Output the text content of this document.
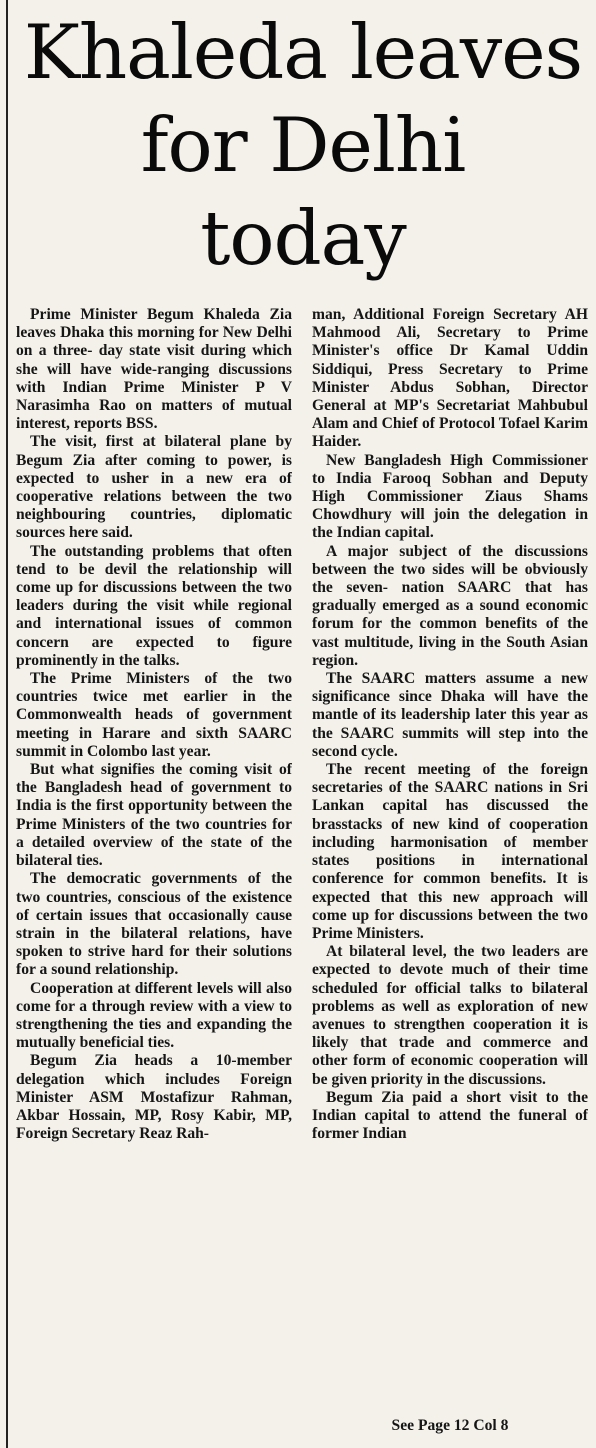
Khaleda leaves
for Delhi
today

Prime Minister Begum Khaleda Zia leaves Dhaka this morning for New Delhi on a three- day state visit during which she will have wide-ranging discussions with Indian Prime Minister P V Narasimha Rao on matters of mutual interest, reports BSS.

The visit, first at bilateral plane by Begum Zia after coming to power, is expected to usher in a new era of cooperative relations between the two neighbouring countries, diplomatic sources here said.

The outstanding problems that often tend to be devil the relationship will come up for discussions between the two leaders during the visit while regional and international issues of common concern are expected to figure prominently in the talks.

The Prime Ministers of the two countries twice met earlier in the Commonwealth heads of government meeting in Harare and sixth SAARC summit in Colombo last year.

But what signifies the coming visit of the Bangladesh head of government to India is the first opportunity between the Prime Ministers of the two countries for a detailed overview of the state of the bilateral ties.

The democratic governments of the two countries, conscious of the existence of certain issues that occasionally cause strain in the bilateral relations, have spoken to strive hard for their solutions for a sound relationship.

Cooperation at different levels will also come for a through review with a view to strengthening the ties and expanding the mutually beneficial ties.

Begum Zia heads a 10-member delegation which includes Foreign Minister ASM Mostafizur Rahman, Akbar Hossain, MP, Rosy Kabir, MP, Foreign Secretary Reaz Rah-

man, Additional Foreign Secretary AH Mahmood Ali, Secretary to Prime Minister's office Dr Kamal Uddin Siddiqui, Press Secretary to Prime Minister Abdus Sobhan, Director General at MP's Secretariat Mahbubul Alam and Chief of Protocol Tofael Karim Haider.

New Bangladesh High Commissioner to India Farooq Sobhan and Deputy High Commissioner Ziaus Shams Chowdhury will join the delegation in the Indian capital.

A major subject of the discussions between the two sides will be obviously the seven- nation SAARC that has gradually emerged as a sound economic forum for the common benefits of the vast multitude, living in the South Asian region.

The SAARC matters assume a new significance since Dhaka will have the mantle of its leadership later this year as the SAARC summits will step into the second cycle.

The recent meeting of the foreign secretaries of the SAARC nations in Sri Lankan capital has discussed the brasstacks of new kind of cooperation including harmonisation of member states positions in international conference for common benefits. It is expected that this new approach will come up for discussions between the two Prime Ministers.

At bilateral level, the two leaders are expected to devote much of their time scheduled for official talks to bilateral problems as well as exploration of new avenues to strengthen cooperation it is likely that trade and commerce and other form of economic cooperation will be given priority in the discussions.

Begum Zia paid a short visit to the Indian capital to attend the funeral of former Indian

See Page 12 Col 8
